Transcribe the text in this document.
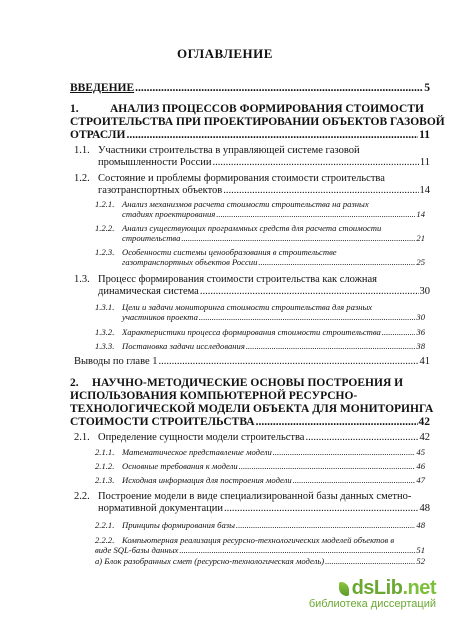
ОГЛАВЛЕНИЕ
ВВЕДЕНИЕ .....	5
1.	АНАЛИЗ ПРОЦЕССОВ ФОРМИРОВАНИЯ СТОИМОСТИ
СТРОИТЕЛЬСТВА ПРИ ПРОЕКТИРОВАНИИ ОБЪЕКТОВ ГАЗОВОЙ
ОТРАСЛИ .....	11
1.1. Участники строительства в управляющей системе газовой
промышленности России .....	11
1.2. Состояние и проблемы формирования стоимости строительства
газотранспортных объектов .....	14
1.2.1. Анализ механизмов расчета стоимости строительства на разных
стадиях проектирования .....	14
1.2.2. Анализ существующих программных средств для расчета стоимости
строительства .....	21
1.2.3. Особенности системы ценообразования в строительстве
газотранспортных объектов России .....	25
1.3. Процесс формирования стоимости строительства как сложная
динамическая система .....	30
1.3.1. Цели и задачи мониторинга стоимости строительства для разных
участников проекта .....	30
1.3.2. Характеристики процесса формирования стоимости строительства .....	36
1.3.3. Постановка задачи исследования .....	38
Выводы по главе 1 .....	41
2.	НАУЧНО-МЕТОДИЧЕСКИЕ ОСНОВЫ ПОСТРОЕНИЯ И
ИСПОЛЬЗОВАНИЯ КОМПЬЮТЕРНОЙ РЕСУРСНО-
ТЕХНОЛОГИЧЕСКОЙ МОДЕЛИ ОБЪЕКТА ДЛЯ МОНИТОРИНГА
СТОИМОСТИ СТРОИТЕЛЬСТВА .....	42
2.1. Определение сущности модели строительства .....	42
2.1.1. Математическое представление модели .....	45
2.1.2. Основные требования к модели .....	46
2.1.3. Исходная информация для построения модели .....	47
2.2. Построение модели в виде специализированной базы данных сметно-
нормативной документации .....	48
2.2.1. Принципы формирования базы .....	48
2.2.2. Компьютерная реализация ресурсно-технологических моделей объектов в
виде SQL-базы данных .....	51
а) Блок разобранных смет (ресурсно-технологическая модель) .....	52
dsLib.net
библиотека диссертаций
